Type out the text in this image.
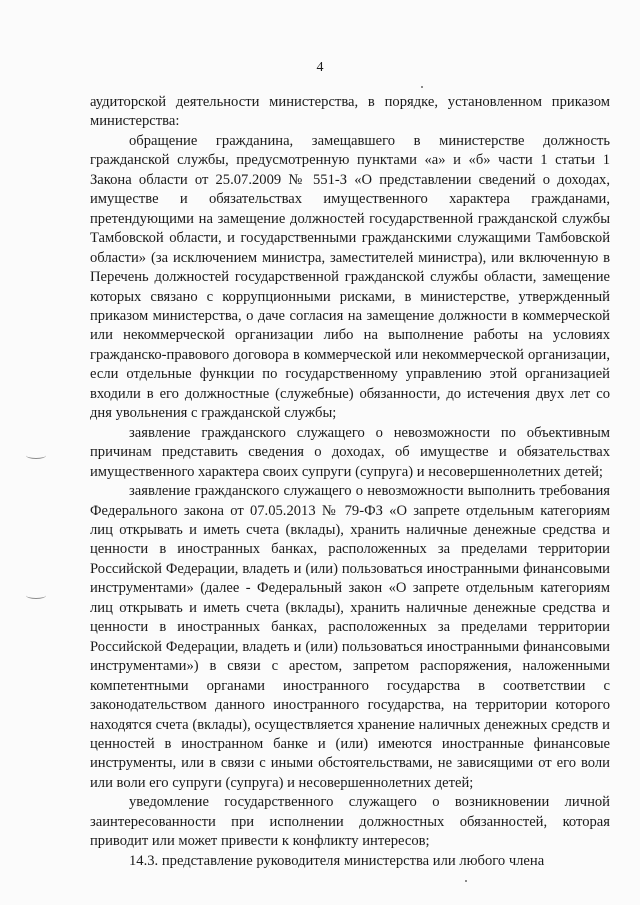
4

аудиторской деятельности министерства, в порядке, установленном приказом министерства:

обращение гражданина, замещавшего в министерстве должность гражданской службы, предусмотренную пунктами «а» и «б» части 1 статьи 1 Закона области от 25.07.2009 № 551-З «О представлении сведений о доходах, имуществе и обязательствах имущественного характера гражданами, претендующими на замещение должностей государственной гражданской службы Тамбовской области, и государственными гражданскими служащими Тамбовской области» (за исключением министра, заместителей министра), или включенную в Перечень должностей государственной гражданской службы области, замещение которых связано с коррупционными рисками, в министерстве, утвержденный приказом министерства, о даче согласия на замещение должности в коммерческой или некоммерческой организации либо на выполнение работы на условиях гражданско-правового договора в коммерческой или некоммерческой организации, если отдельные функции по государственному управлению этой организацией входили в его должностные (служебные) обязанности, до истечения двух лет со дня увольнения с гражданской службы;

заявление гражданского служащего о невозможности по объективным причинам представить сведения о доходах, об имуществе и обязательствах имущественного характера своих супруги (супруга) и несовершеннолетних детей;

заявление гражданского служащего о невозможности выполнить требования Федерального закона от 07.05.2013 № 79-ФЗ «О запрете отдельным категориям лиц открывать и иметь счета (вклады), хранить наличные денежные средства и ценности в иностранных банках, расположенных за пределами территории Российской Федерации, владеть и (или) пользоваться иностранными финансовыми инструментами» (далее - Федеральный закон «О запрете отдельным категориям лиц открывать и иметь счета (вклады), хранить наличные денежные средства и ценности в иностранных банках, расположенных за пределами территории Российской Федерации, владеть и (или) пользоваться иностранными финансовыми инструментами») в связи с арестом, запретом распоряжения, наложенными компетентными органами иностранного государства в соответствии с законодательством данного иностранного государства, на территории которого находятся счета (вклады), осуществляется хранение наличных денежных средств и ценностей в иностранном банке и (или) имеются иностранные финансовые инструменты, или в связи с иными обстоятельствами, не зависящими от его воли или воли его супруги (супруга) и несовершеннолетних детей;

уведомление государственного служащего о возникновении личной заинтересованности при исполнении должностных обязанностей, которая приводит или может привести к конфликту интересов;

14.3. представление руководителя министерства или любого члена
